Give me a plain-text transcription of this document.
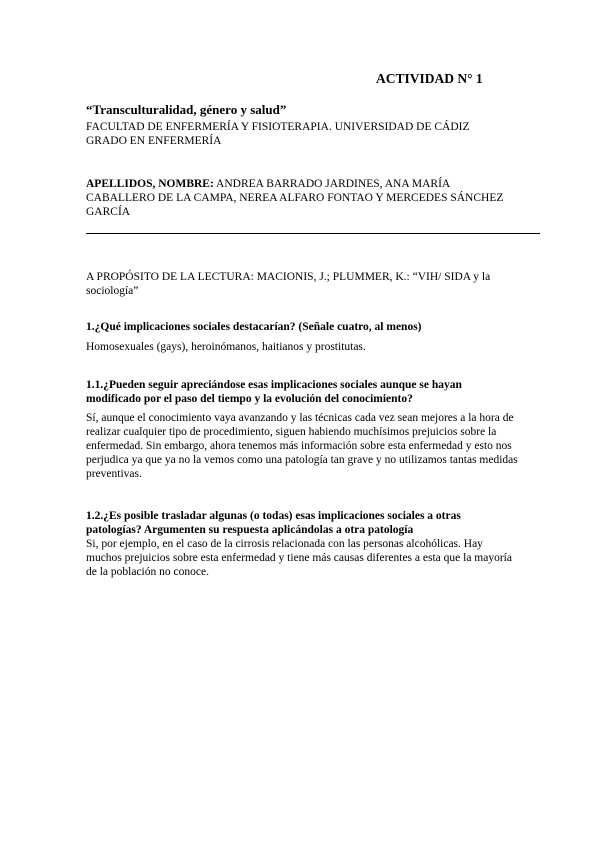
ACTIVIDAD N° 1
“Transculturalidad, género y salud”
FACULTAD DE ENFERMERÍA Y FISIOTERAPIA. UNIVERSIDAD DE CÁDIZ
GRADO EN ENFERMERÍA
APELLIDOS, NOMBRE: ANDREA BARRADO JARDINES, ANA MARÍA CABALLERO DE LA CAMPA, NEREA ALFARO FONTAO Y MERCEDES SÁNCHEZ GARCÍA
A PROPÓSITO DE LA LECTURA: MACIONIS, J.; PLUMMER, K.: “VIH/ SIDA y la sociología”
1.¿Qué implicaciones sociales destacarían? (Señale cuatro, al menos)
Homosexuales (gays), heroinómanos, haitianos y prostitutas.
1.1.¿Pueden seguir apreciándose esas implicaciones sociales aunque se hayan modificado por el paso del tiempo y la evolución del conocimiento?
Sí, aunque el conocimiento vaya avanzando y las técnicas cada vez sean mejores a la hora de realizar cualquier tipo de procedimiento, siguen habiendo muchísimos prejuicios sobre la enfermedad. Sin embargo, ahora tenemos más información sobre esta enfermedad y esto nos perjudica ya que ya no la vemos como una patología tan grave y no utilizamos tantas medidas preventivas.
1.2.¿Es posible trasladar algunas (o todas) esas implicaciones sociales a otras patologías? Argumenten su respuesta aplicándolas a otra patología
Si, por ejemplo, en el caso de la cirrosis relacionada con las personas alcohólicas. Hay muchos prejuicios sobre esta enfermedad y tiene más causas diferentes a esta que la mayoría de la población no conoce.
